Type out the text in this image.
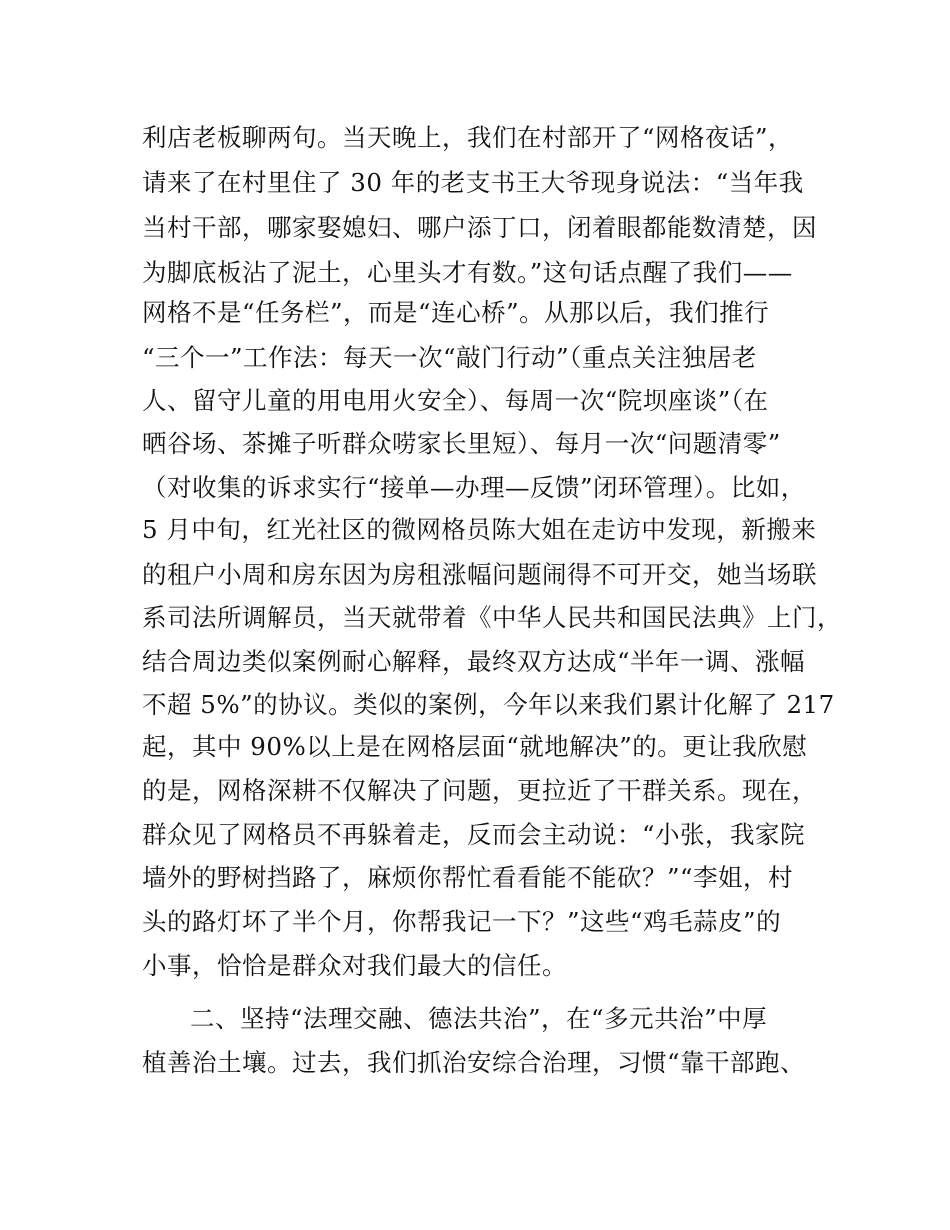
利店老板聊两句。当天晚上，我们在村部开了“网格夜话”，
请来了在村里住了 30 年的老支书王大爷现身说法：“当年我
当村干部，哪家娶媳妇、哪户添丁口，闭着眼都能数清楚，因
为脚底板沾了泥土，心里头才有数。”这句话点醒了我们——
网格不是“任务栏”，而是“连心桥”。从那以后，我们推行
“三个一”工作法：每天一次“敲门行动”（重点关注独居老
人、留守儿童的用电用火安全）、每周一次“院坝座谈”（在
晒谷场、茶摊子听群众唠家长里短）、每月一次“问题清零”
（对收集的诉求实行“接单—办理—反馈”闭环管理）。比如，
5 月中旬，红光社区的微网格员陈大姐在走访中发现，新搬来
的租户小周和房东因为房租涨幅问题闹得不可开交，她当场联
系司法所调解员，当天就带着《中华人民共和国民法典》上门，
结合周边类似案例耐心解释，最终双方达成“半年一调、涨幅
不超 5%”的协议。类似的案例，今年以来我们累计化解了 217
起，其中 90%以上是在网格层面“就地解决”的。更让我欣慰
的是，网格深耕不仅解决了问题，更拉近了干群关系。现在，
群众见了网格员不再躲着走，反而会主动说：“小张，我家院
墙外的野树挡路了，麻烦你帮忙看看能不能砍？”“李姐，村
头的路灯坏了半个月，你帮我记一下？”这些“鸡毛蒜皮”的
小事，恰恰是群众对我们最大的信任。
二、坚持“法理交融、德法共治”，在“多元共治”中厚
植善治土壤。过去，我们抓治安综合治理，习惯“靠干部跑、
